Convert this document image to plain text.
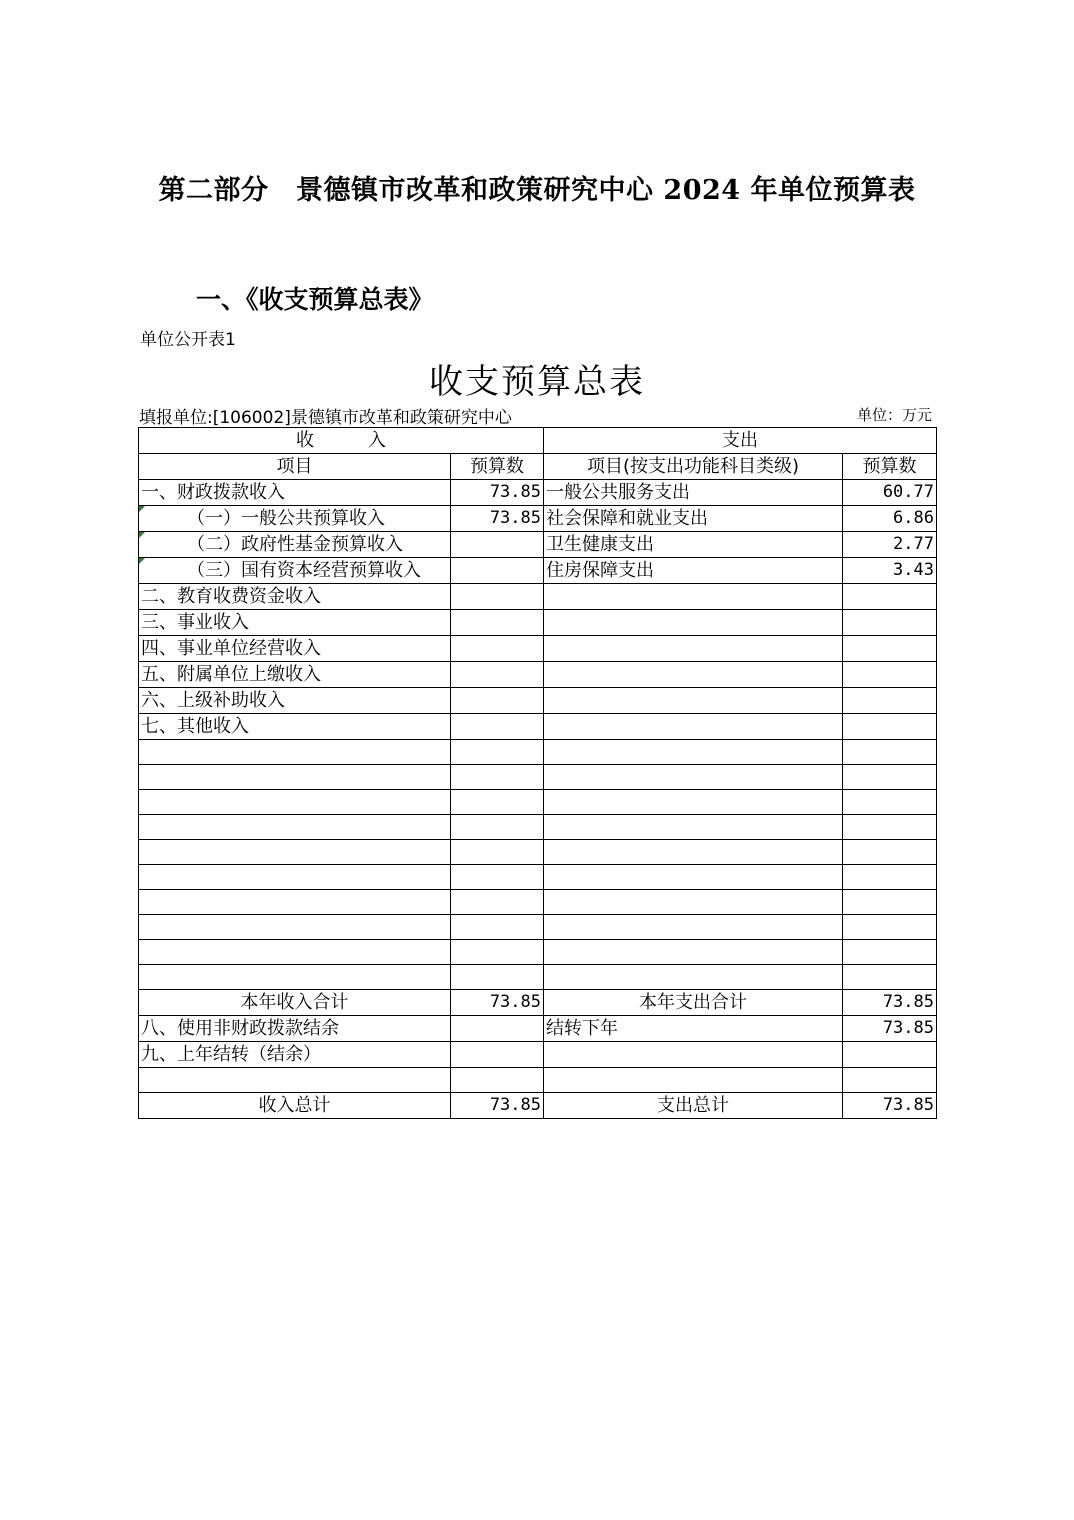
第二部分　景德镇市改革和政策研究中心 2024 年单位预算表
一、《收支预算总表》
单位公开表1
收支预算总表
填报单位:[106002]景德镇市改革和政策研究中心	单位：万元
收　　　入		支出	
项目	预算数	项目(按支出功能科目类级)	预算数
一、财政拨款收入	73.85	一般公共服务支出	60.77
（一）一般公共预算收入	73.85	社会保障和就业支出	6.86
（二）政府性基金预算收入		卫生健康支出	2.77
（三）国有资本经营预算收入		住房保障支出	3.43
二、教育收费资金收入			
三、事业收入			
四、事业单位经营收入			
五、附属单位上缴收入			
六、上级补助收入			
七、其他收入			

本年收入合计	73.85	本年支出合计	73.85
八、使用非财政拨款结余		结转下年	73.85
九、上年结转（结余）			

收入总计	73.85	支出总计	73.85
